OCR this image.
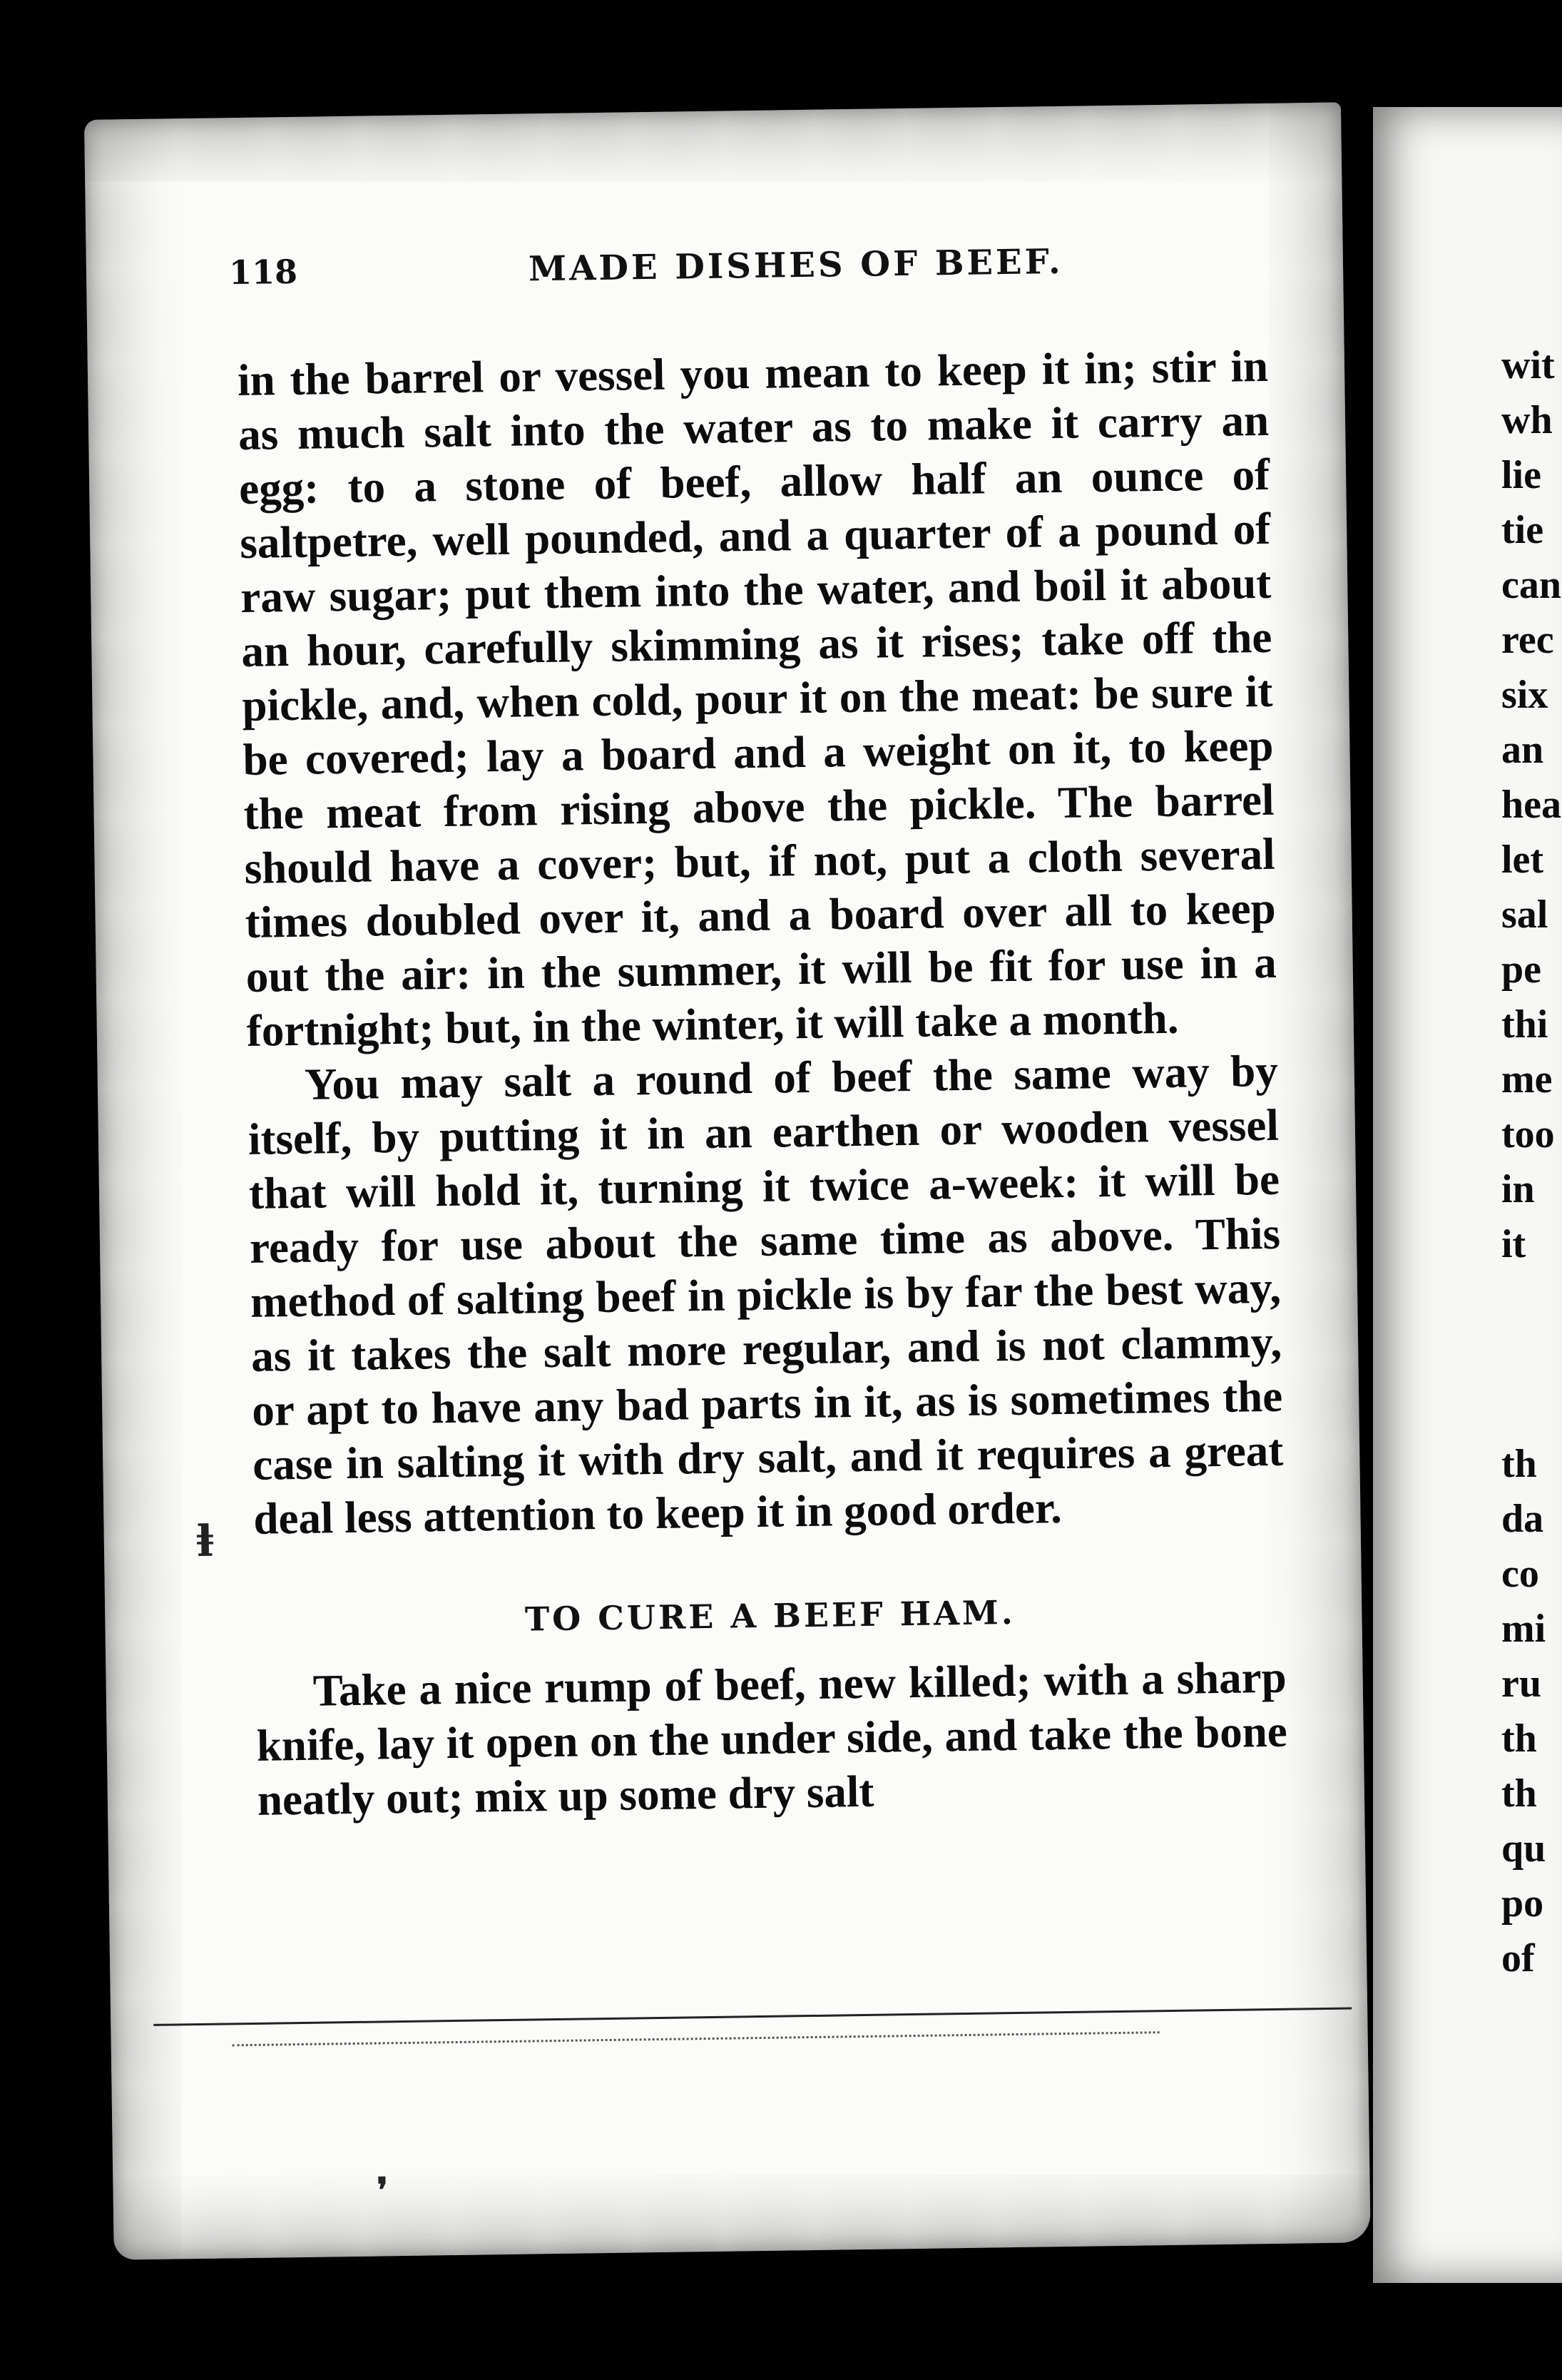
118	MADE DISHES OF BEEF.

in the barrel or vessel you mean to keep it in; stir in as much salt into the water as to make it carry an egg: to a stone of beef, allow half an ounce of saltpetre, well pounded, and a quarter of a pound of raw sugar; put them into the water, and boil it about an hour, carefully skimming as it rises; take off the pickle, and, when cold, pour it on the meat: be sure it be covered; lay a board and a weight on it, to keep the meat from rising above the pickle. The barrel should have a cover; but, if not, put a cloth several times doubled over it, and a board over all to keep out the air: in the summer, it will be fit for use in a fortnight; but, in the winter, it will take a month.

You may salt a round of beef the same way by itself, by putting it in an earthen or wooden vessel that will hold it, turning it twice a-week: it will be ready for use about the same time as above. This method of salting beef in pickle is by far the best way, as it takes the salt more regular, and is not clammy, or apt to have any bad parts in it, as is sometimes the case in salting it with dry salt, and it requires a great deal less attention to keep it in good order.

TO CURE A BEEF HAM.

Take a nice rump of beef, new killed; with a sharp knife, lay it open on the under side, and take the bone neatly out; mix up some dry salt

ⱡ
❜
wit
wh
lie
tie
can
rec
six
an
hea
let
sal
pe
thi
me
too
in
it
th
da
co
mi
ru
th
th
qu
po
of
